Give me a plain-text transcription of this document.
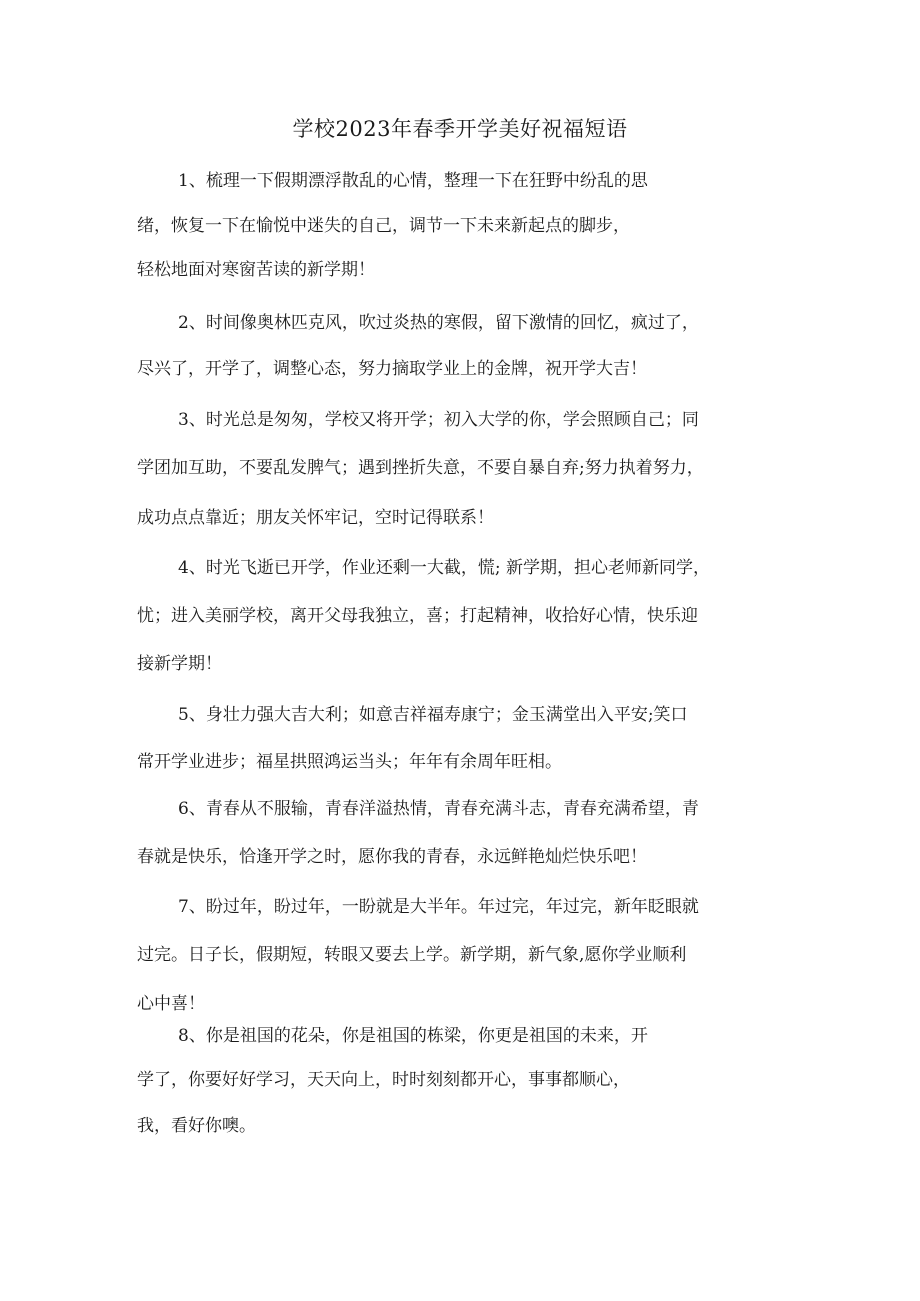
学校2023年春季开学美好祝福短语
1、梳理一下假期漂浮散乱的心情，整理一下在狂野中纷乱的思
绪，恢复一下在愉悦中迷失的自己，调节一下未来新起点的脚步，
轻松地面对寒窗苦读的新学期！
2、时间像奥林匹克风，吹过炎热的寒假，留下激情的回忆，疯过了，
尽兴了，开学了，调整心态，努力摘取学业上的金牌，祝开学大吉！
3、时光总是匆匆，学校又将开学；初入大学的你，学会照顾自己；同
学团加互助，不要乱发脾气；遇到挫折失意，不要自暴自弃;努力执着努力，
成功点点靠近；朋友关怀牢记，空时记得联系！
4、时光飞逝已开学，作业还剩一大截，慌; 新学期，担心老师新同学，
忧；进入美丽学校，离开父母我独立，喜；打起精神，收拾好心情，快乐迎
接新学期！
5、身壮力强大吉大利；如意吉祥福寿康宁；金玉满堂出入平安;笑口
常开学业进步；福星拱照鸿运当头；年年有余周年旺相。
6、青春从不服输，青春洋溢热情，青春充满斗志，青春充满希望，青
春就是快乐，恰逢开学之时，愿你我的青春，永远鲜艳灿烂快乐吧！
7、盼过年，盼过年，一盼就是大半年。年过完，年过完，新年眨眼就
过完。日子长，假期短，转眼又要去上学。新学期，新气象,愿你学业顺利
心中喜！
8、你是祖国的花朵，你是祖国的栋梁，你更是祖国的未来，开
学了，你要好好学习，天天向上，时时刻刻都开心，事事都顺心，
我，看好你噢。
